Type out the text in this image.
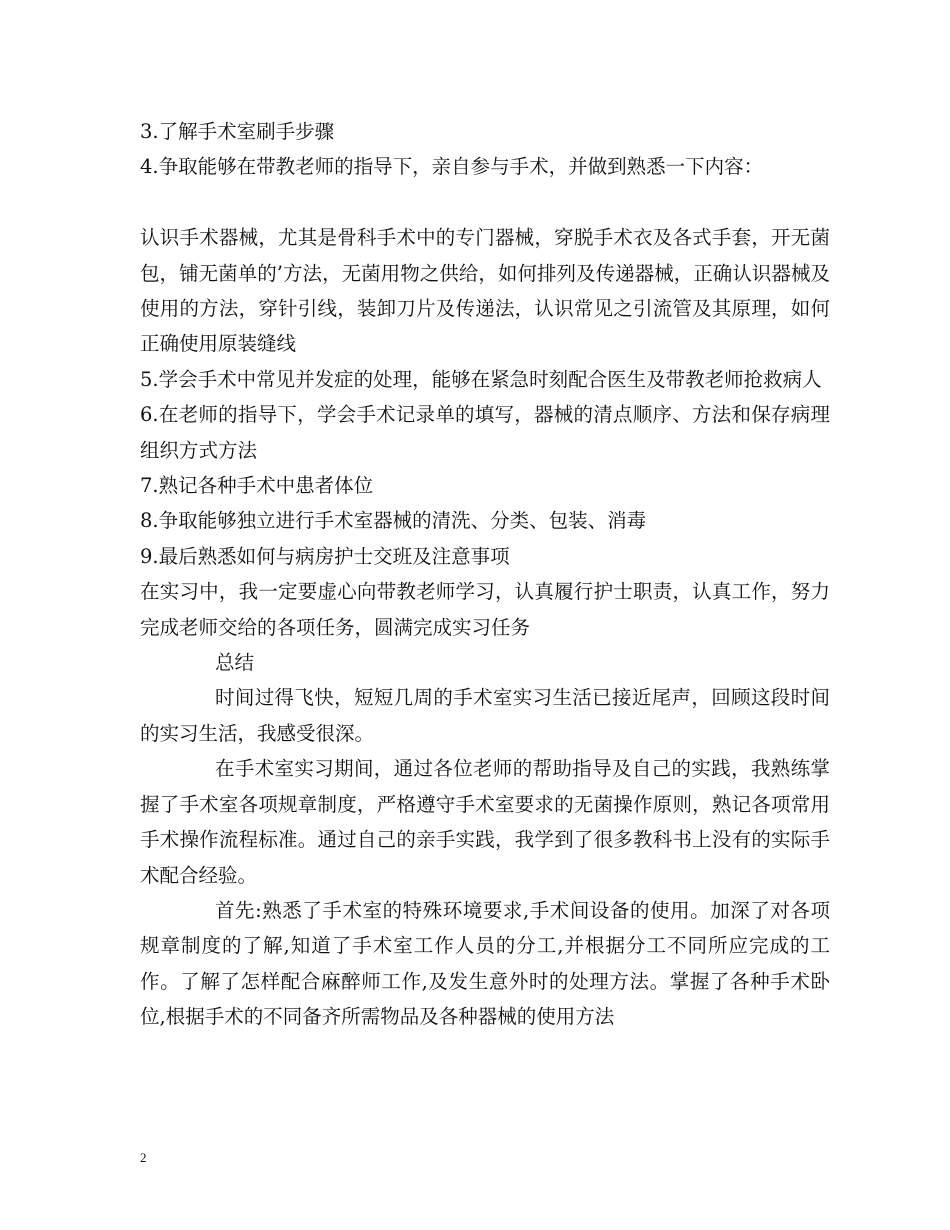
3.了解手术室刷手步骤

4.争取能够在带教老师的指导下，亲自参与手术，并做到熟悉一下内容：

认识手术器械，尤其是骨科手术中的专门器械，穿脱手术衣及各式手套，开无菌包，铺无菌单的’方法，无菌用物之供给，如何排列及传递器械，正确认识器械及使用的方法，穿针引线，装卸刀片及传递法，认识常见之引流管及其原理，如何正确使用原装缝线

5.学会手术中常见并发症的处理，能够在紧急时刻配合医生及带教老师抢救病人

6.在老师的指导下，学会手术记录单的填写，器械的清点顺序、方法和保存病理组织方式方法

7.熟记各种手术中患者体位

8.争取能够独立进行手术室器械的清洗、分类、包装、消毒

9.最后熟悉如何与病房护士交班及注意事项

在实习中，我一定要虚心向带教老师学习，认真履行护士职责，认真工作，努力完成老师交给的各项任务，圆满完成实习任务

总结

时间过得飞快，短短几周的手术室实习生活已接近尾声，回顾这段时间的实习生活，我感受很深。

在手术室实习期间，通过各位老师的帮助指导及自己的实践，我熟练掌握了手术室各项规章制度，严格遵守手术室要求的无菌操作原则，熟记各项常用手术操作流程标准。通过自己的亲手实践，我学到了很多教科书上没有的实际手术配合经验。

首先:熟悉了手术室的特殊环境要求,手术间设备的使用。加深了对各项规章制度的了解,知道了手术室工作人员的分工,并根据分工不同所应完成的工作。了解了怎样配合麻醉师工作,及发生意外时的处理方法。掌握了各种手术卧位,根据手术的不同备齐所需物品及各种器械的使用方法

2
